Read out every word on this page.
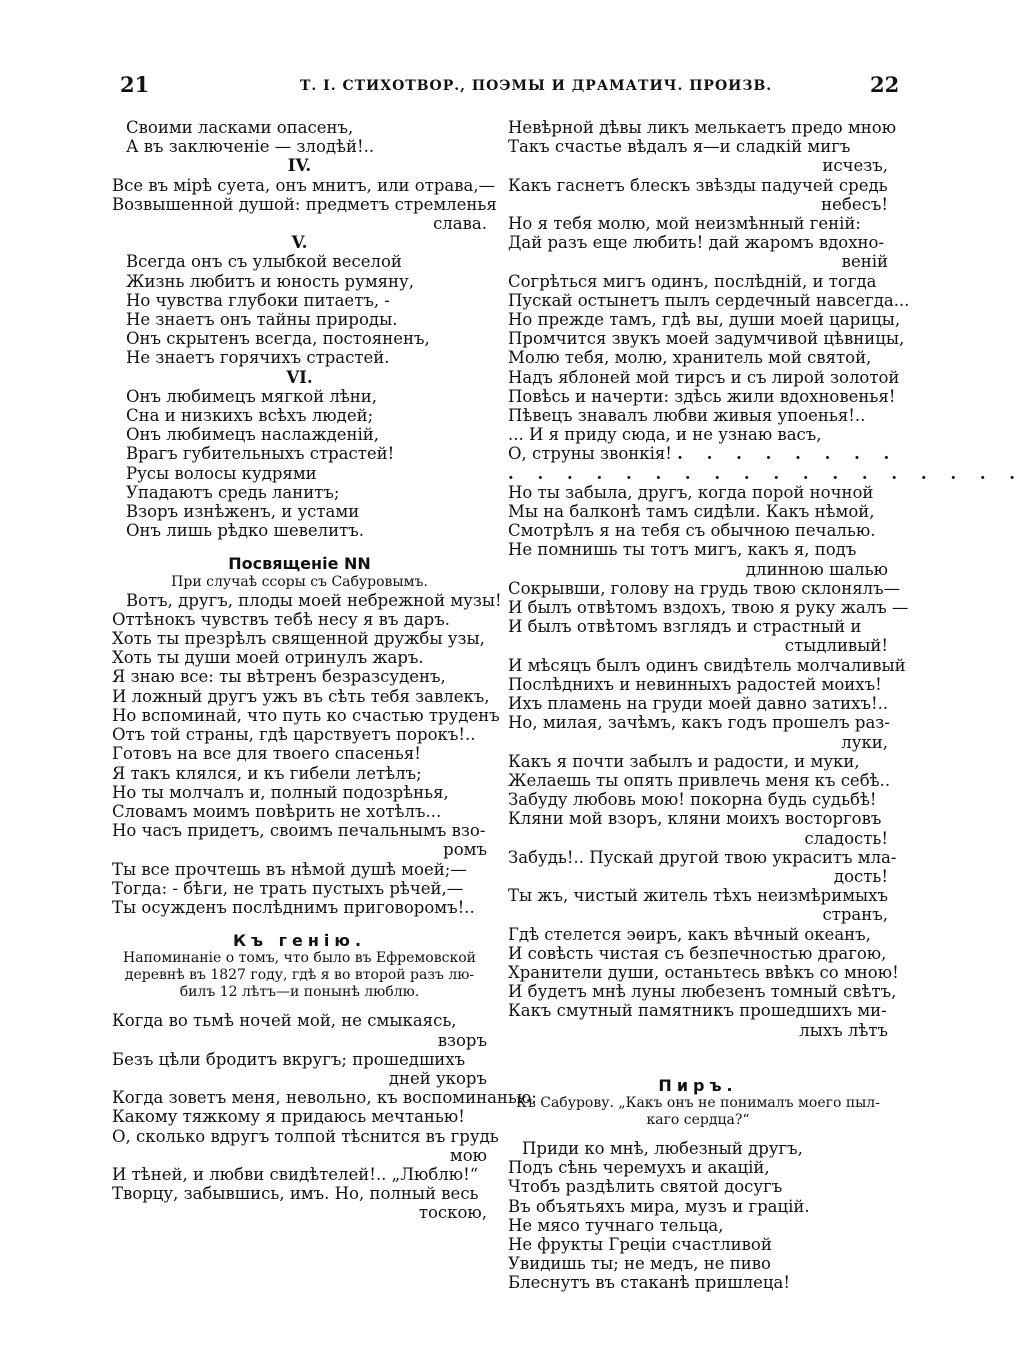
21	Т. І. СТИХОТВОР., ПОЭМЫ И ДРАМАТИЧ. ПРОИЗВ.	22
Своими ласками опасенъ,
А въ заключеніе — злодѣй!..
IV.
Все въ мірѣ суета, онъ мнитъ, или отрава,—
Возвышенной душой: предметъ стремленья
слава.
V.
Всегда онъ съ улыбкой веселой
Жизнь любитъ и юность румяну,
Но чувства глубоки питаетъ, -
Не знаетъ онъ тайны природы.
Онъ скрытенъ всегда, постояненъ,
Не знаетъ горячихъ страстей.
VI.
Онъ любимецъ мягкой лѣни,
Сна и низкихъ всѣхъ людей;
Онъ любимецъ наслажденій,
Врагъ губительныхъ страстей!
Русы волосы кудрями
Упадаютъ средь ланитъ;
Взоръ изнѣженъ, и устами
Онъ лишь рѣдко шевелитъ.
Посвященіе NN
При случаѣ ссоры съ Сабуровымъ.
Вотъ, другъ, плоды моей небрежной музы!
Оттѣнокъ чувствъ тебѣ несу я въ даръ.
Хоть ты презрѣлъ священной дружбы узы,
Хоть ты души моей отринулъ жаръ.
Я знаю все: ты вѣтренъ безразсуденъ,
И ложный другъ ужъ въ сѣть тебя завлекъ,
Но вспоминай, что путь ко счастью труденъ
Отъ той страны, гдѣ царствуетъ порокъ!..
Готовъ на все для твоего спасенья!
Я такъ клялся, и къ гибели летѣлъ;
Но ты молчалъ и, полный подозрѣнья,
Словамъ моимъ повѣрить не хотѣлъ...
Но часъ придетъ, своимъ печальнымъ взо-
ромъ
Ты все прочтешь въ нѣмой душѣ моей;—
Тогда: - бѣги, не трать пустыхъ рѣчей,—
Ты осужденъ послѣднимъ приговоромъ!..
Къ генію.
Напоминаніе о томъ, что было въ Ефремовской
деревнѣ въ 1827 году, гдѣ я во второй разъ лю-
билъ 12 лѣтъ—и понынѣ люблю.
Когда во тьмѣ ночей мой, не смыкаясь,
взоръ
Безъ цѣли бродитъ вкругъ; прошедшихъ
дней укоръ
Когда зоветъ меня, невольно, къ воспоминанью:
Какому тяжкому я придаюсь мечтанью!
О, сколько вдругъ толпой тѣснится въ грудь
мою
И тѣней, и любви свидѣтелей!.. „Люблю!“
Творцу, забывшись, имъ. Но, полный весь
тоскою,
Невѣрной дѣвы ликъ мелькаетъ предо мною
Такъ счастье вѣдалъ я—и сладкій мигъ
исчезъ,
Какъ гаснетъ блескъ звѣзды падучей средь
небесъ!
Но я тебя молю, мой неизмѣнный геній:
Дай разъ еще любить! дай жаромъ вдохно-
веній
Согрѣться мигъ одинъ, послѣдній, и тогда
Пускай остынетъ пылъ сердечный навсегда...
Но прежде тамъ, гдѣ вы, души моей царицы,
Промчится звукъ моей задумчивой цѣвницы,
Молю тебя, молю, хранитель мой святой,
Надъ яблоней мой тирсъ и съ лирой золотой
Повѣсь и начерти: здѣсь жили вдохновенья!
Пѣвецъ знавалъ любви живыя упоенья!..
... И я приду сюда, и не узнаю васъ,
О, струны звонкія! . . . . . . . .
. . . . . . . . . . . . . . . . . .
Но ты забыла, другъ, когда порой ночной
Мы на балконѣ тамъ сидѣли. Какъ нѣмой,
Смотрѣлъ я на тебя съ обычною печалью.
Не помнишь ты тотъ мигъ, какъ я, подъ
длинною шалью
Сокрывши, голову на грудь твою склонялъ—
И былъ отвѣтомъ вздохъ, твою я руку жалъ —
И былъ отвѣтомъ взглядъ и страстный и
стыдливый!
И мѣсяцъ былъ одинъ свидѣтель молчаливый
Послѣднихъ и невинныхъ радостей моихъ!
Ихъ пламень на груди моей давно затихъ!..
Но, милая, зачѣмъ, какъ годъ прошелъ раз-
луки,
Какъ я почти забылъ и радости, и муки,
Желаешь ты опять привлечь меня къ себѣ..
Забуду любовь мою! покорна будь судьбѣ!
Кляни мой взоръ, кляни моихъ восторговъ
сладость!
Забудь!.. Пускай другой твою украситъ мла-
дость!
Ты жъ, чистый житель тѣхъ неизмѣримыхъ
странъ,
Гдѣ стелется эѳиръ, какъ вѣчный океанъ,
И совѣсть чистая съ безпечностью драгою,
Хранители души, останьтесь ввѣкъ со мною!
И будетъ мнѣ луны любезенъ томный свѣтъ,
Какъ смутный памятникъ прошедшихъ ми-
лыхъ лѣтъ
Пиръ.
Къ Сабурову. „Какъ онъ не понималъ моего пыл-
каго сердца?“
Приди ко мнѣ, любезный другъ,
Подъ сѣнь черемухъ и акацій,
Чтобъ раздѣлить святой досугъ
Въ объятьяхъ мира, музъ и грацій.
Не мясо тучнаго тельца,
Не фрукты Греціи счастливой
Увидишь ты; не медъ, не пиво
Блеснутъ въ стаканѣ пришлеца!
